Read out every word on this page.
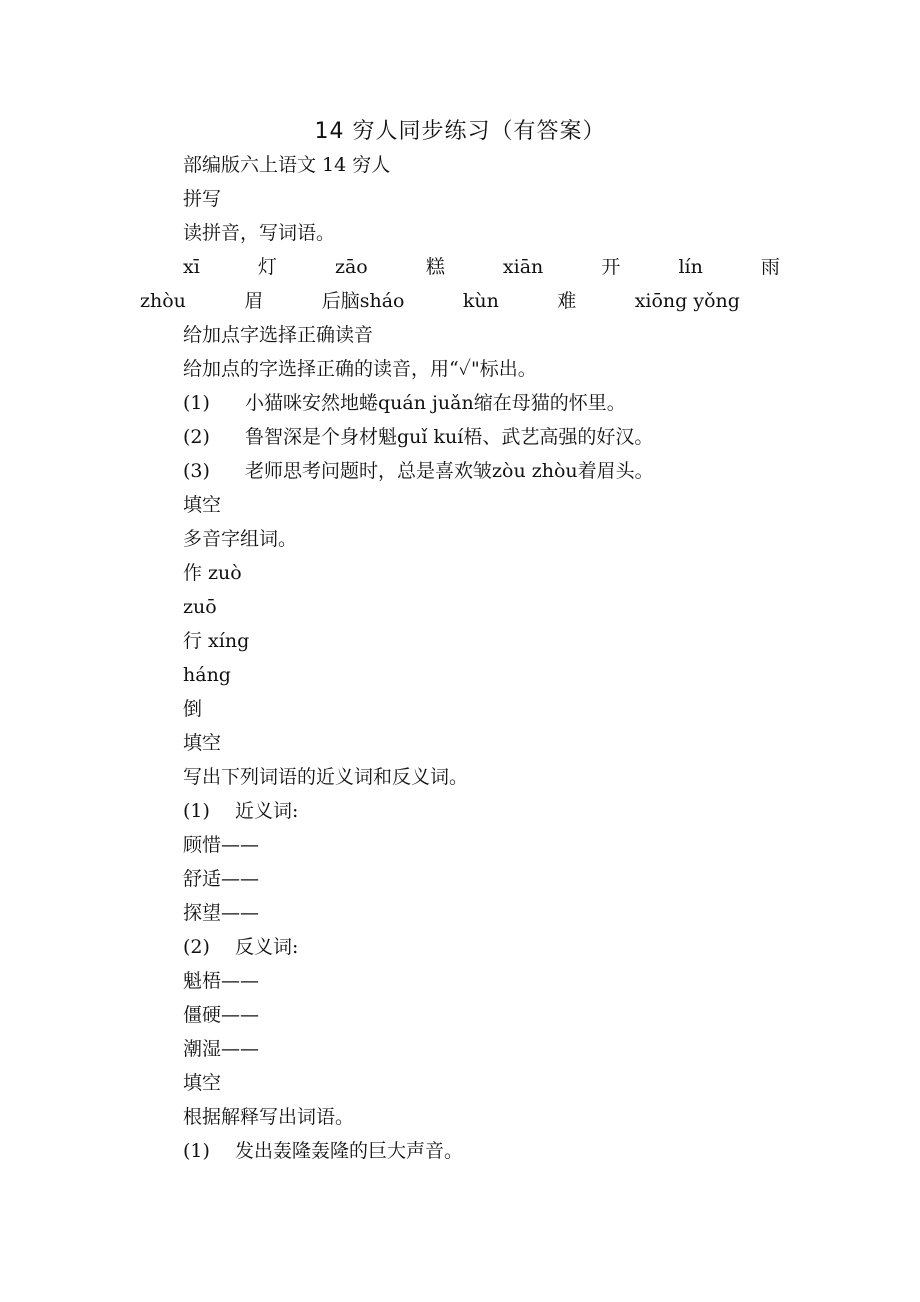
14 穷人同步练习（有答案）
部编版六上语文 14 穷人
拼写
读拼音，写词语。
xī	灯	zāo	糕	xiān	开	lín	雨
zhòu	眉	后脑sháo	kùn	难	xiōng yǒng
给加点字选择正确读音
给加点的字选择正确的读音，用“✓"标出。
(1) 小猫咪安然地蜷quán juǎn缩在母猫的怀里。
(2) 鲁智深是个身材魁guǐ kuí梧、武艺高强的好汉。
(3) 老师思考问题时，总是喜欢皱zòu zhòu着眉头。
填空
多音字组词。
作 zuò
zuō
行 xíng
háng
倒
填空
写出下列词语的近义词和反义词。
(1) 近义词:
顾惜——
舒适——
探望——
(2) 反义词:
魁梧——
僵硬——
潮湿——
填空
根据解释写出词语。
(1) 发出轰隆轰隆的巨大声音。
